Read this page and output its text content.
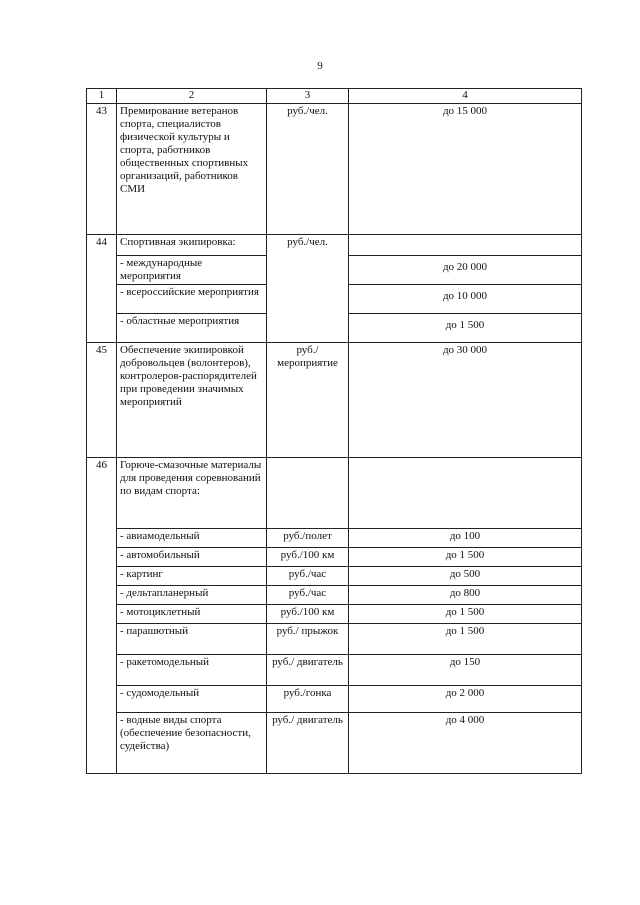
9
1	2	3	4
43	Премирование ветеранов спорта, специалистов физической культуры и спорта, работников общественных спортивных организаций, работников СМИ	руб./чел.	до 15 000
44	Спортивная экипировка:	руб./чел.	
	- международные мероприятия		до 20 000
	- всероссийские мероприятия		до 10 000
	- областные мероприятия		до 1 500
45	Обеспечение экипировкой добровольцев (волонтеров), контролеров-распорядителей при проведении значимых мероприятий	руб./ мероприятие	до 30 000
46	Горюче-смазочные материалы для проведения соревнований по видам спорта:		
	- авиамодельный	руб./полет	до 100
	- автомобильный	руб./100 км	до 1 500
	- картинг	руб./час	до 500
	- дельтапланерный	руб./час	до 800
	- мотоциклетный	руб./100 км	до 1 500
	- парашютный	руб./ прыжок	до 1 500
	- ракетомодельный	руб./ двигатель	до 150
	- судомодельный	руб./гонка	до 2 000
	- водные виды спорта (обеспечение безопасности, судейства)	руб./ двигатель	до 4 000
